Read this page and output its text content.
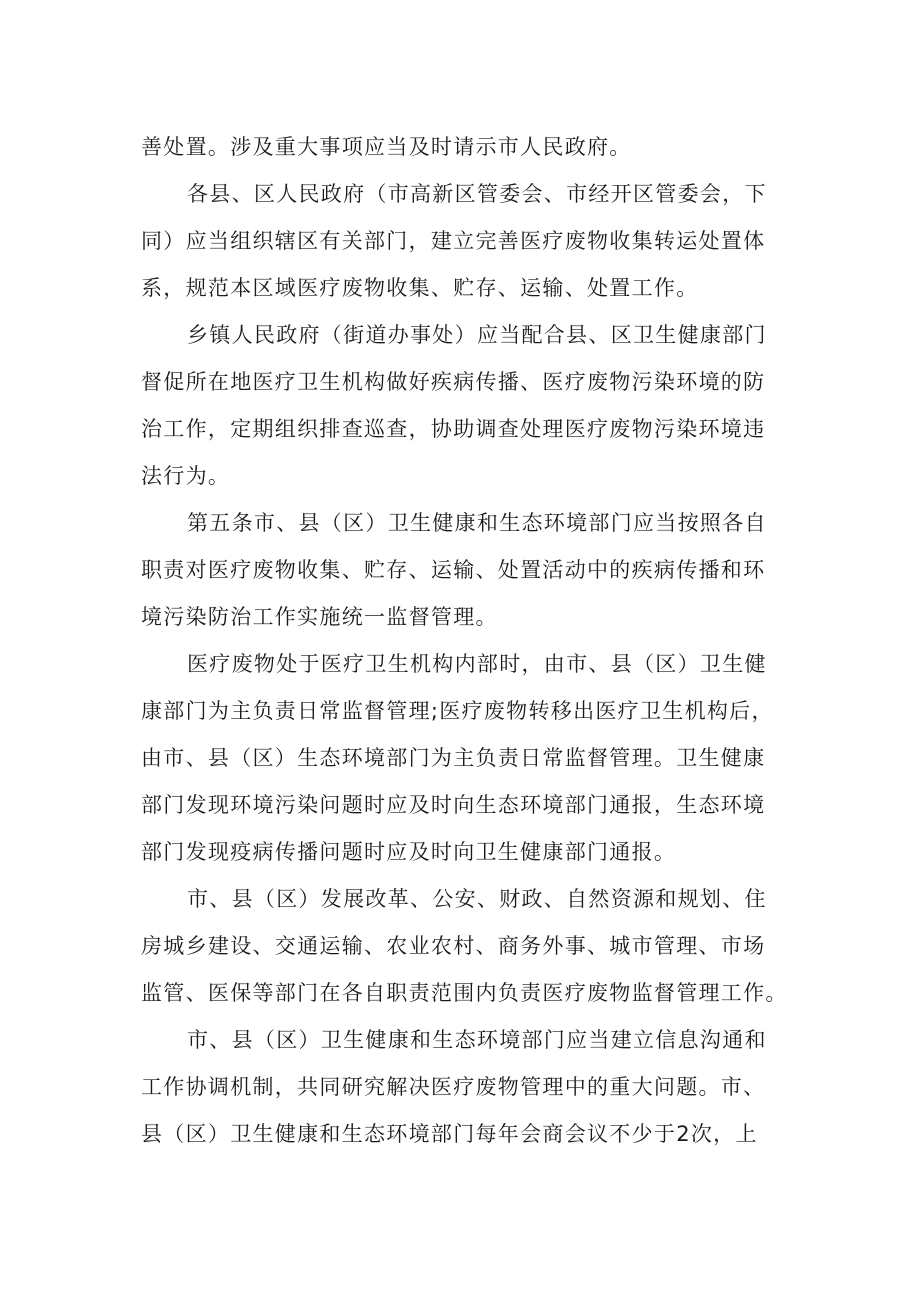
善处置。涉及重大事项应当及时请示市人民政府。
各县、区人民政府（市高新区管委会、市经开区管委会，下
同）应当组织辖区有关部门，建立完善医疗废物收集转运处置体
系，规范本区域医疗废物收集、贮存、运输、处置工作。
乡镇人民政府（街道办事处）应当配合县、区卫生健康部门
督促所在地医疗卫生机构做好疾病传播、医疗废物污染环境的防
治工作，定期组织排查巡查，协助调查处理医疗废物污染环境违
法行为。
第五条市、县（区）卫生健康和生态环境部门应当按照各自
职责对医疗废物收集、贮存、运输、处置活动中的疾病传播和环
境污染防治工作实施统一监督管理。
医疗废物处于医疗卫生机构内部时，由市、县（区）卫生健
康部门为主负责日常监督管理;医疗废物转移出医疗卫生机构后，
由市、县（区）生态环境部门为主负责日常监督管理。卫生健康
部门发现环境污染问题时应及时向生态环境部门通报，生态环境
部门发现疫病传播问题时应及时向卫生健康部门通报。
市、县（区）发展改革、公安、财政、自然资源和规划、住
房城乡建设、交通运输、农业农村、商务外事、城市管理、市场
监管、医保等部门在各自职责范围内负责医疗废物监督管理工作。
市、县（区）卫生健康和生态环境部门应当建立信息沟通和
工作协调机制，共同研究解决医疗废物管理中的重大问题。市、
县（区）卫生健康和生态环境部门每年会商会议不少于2次，上
